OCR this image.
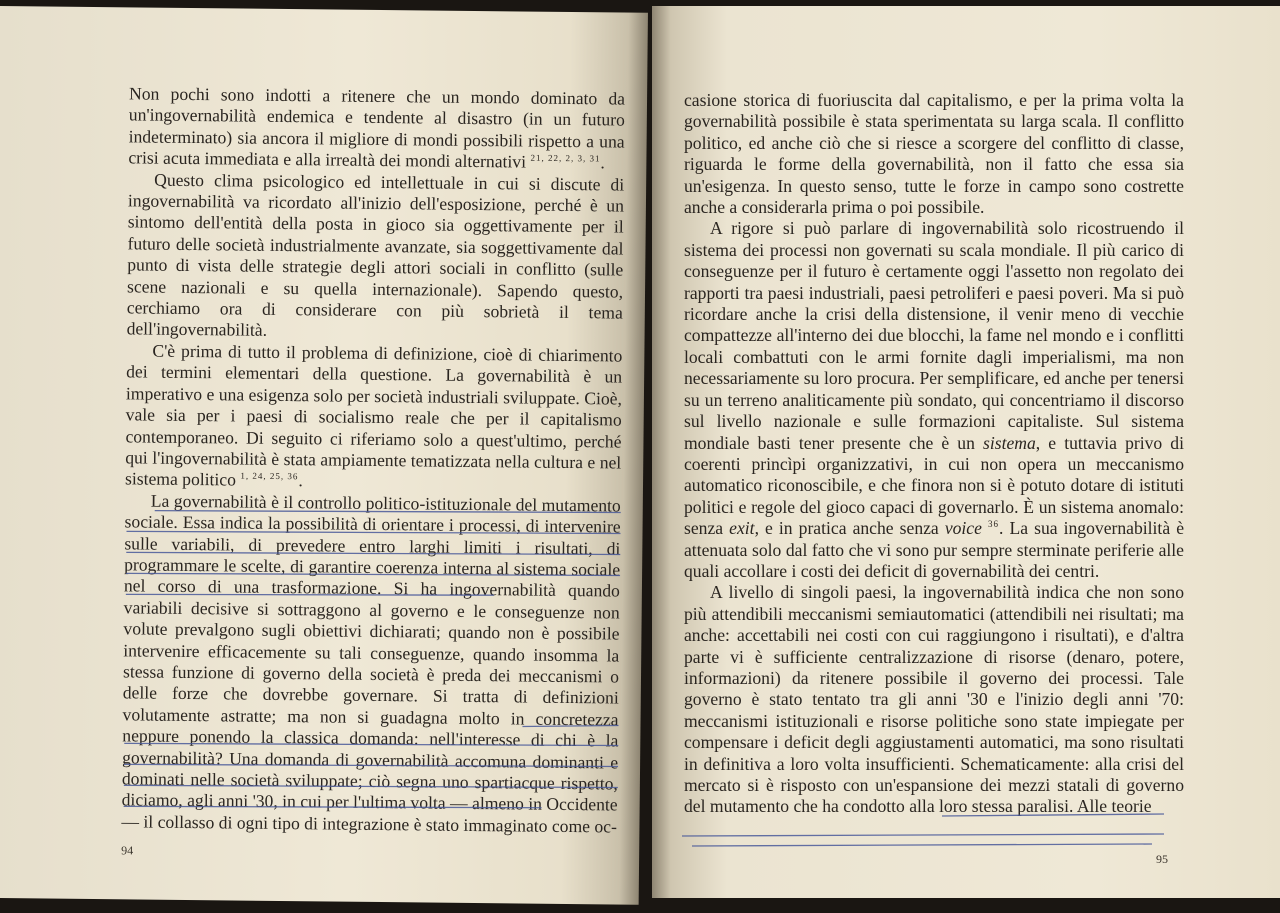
Non pochi sono indotti a ritenere che un mondo dominato da un'ingovernabilità endemica e tendente al disastro (in un futuro indeterminato) sia ancora il migliore di mondi possibili rispetto a una crisi acuta immediata e alla irrealtà dei mondi alternativi $^{21, 22, 2, 3, 31}$.

Questo clima psicologico ed intellettuale in cui si discute di ingovernabilità va ricordato all'inizio dell'esposizione, perché è un sintomo dell'entità della posta in gioco sia oggettivamente per il futuro delle società industrialmente avanzate, sia soggettivamente dal punto di vista delle strategie degli attori sociali in conflitto (sulle scene nazionali e su quella internazionale). Sapendo questo, cerchiamo ora di considerare con più sobrietà il tema dell'ingovernabilità.

C'è prima di tutto il problema di definizione, cioè di chiarimento dei termini elementari della questione. La governabilità è un imperativo e una esigenza solo per società industriali sviluppate. Cioè, vale sia per i paesi di socialismo reale che per il capitalismo contemporaneo. Di seguito ci riferiamo solo a quest'ultimo, perché qui l'ingovernabilità è stata ampiamente tematizzata nella cultura e nel sistema politico $^{1, 24, 25, 36}$.

La governabilità è il controllo politico-istituzionale del mutamento sociale. Essa indica la possibilità di orientare i processi, di intervenire sulle variabili, di prevedere entro larghi limiti i risultati, di programmare le scelte, di garantire coerenza interna al sistema sociale nel corso di una trasformazione. Si ha ingovernabilità quando variabili decisive si sottraggono al governo e le conseguenze non volute prevalgono sugli obiettivi dichiarati; quando non è possibile intervenire efficacemente su tali conseguenze, quando insomma la stessa funzione di governo della società è preda dei meccanismi o delle forze che dovrebbe governare. Si tratta di definizioni volutamente astratte; ma non si guadagna molto in concretezza neppure ponendo la classica domanda: nell'interesse di chi è la governabilità? Una domanda di governabilità accomuna dominanti e dominati nelle società sviluppate; ciò segna uno spartiacque rispetto, diciamo, agli anni '30, in cui per l'ultima volta — almeno in Occidente — il collasso di ogni tipo di integrazione è stato immaginato come oc-

94

casione storica di fuoriuscita dal capitalismo, e per la prima volta la governabilità possibile è stata sperimentata su larga scala. Il conflitto politico, ed anche ciò che si riesce a scorgere del conflitto di classe, riguarda le forme della governabilità, non il fatto che essa sia un'esigenza. In questo senso, tutte le forze in campo sono costrette anche a considerarla prima o poi possibile.

A rigore si può parlare di ingovernabilità solo ricostruendo il sistema dei processi non governati su scala mondiale. Il più carico di conseguenze per il futuro è certamente oggi l'assetto non regolato dei rapporti tra paesi industriali, paesi petroliferi e paesi poveri. Ma si può ricordare anche la crisi della distensione, il venir meno di vecchie compattezze all'interno dei due blocchi, la fame nel mondo e i conflitti locali combattuti con le armi fornite dagli imperialismi, ma non necessariamente su loro procura. Per semplificare, ed anche per tenersi su un terreno analiticamente più sondato, qui concentriamo il discorso sul livello nazionale e sulle formazioni capitaliste. Sul sistema mondiale basti tener presente che è un sistema, e tuttavia privo di coerenti princìpi organizzativi, in cui non opera un meccanismo automatico riconoscibile, e che finora non si è potuto dotare di istituti politici e regole del gioco capaci di governarlo. È un sistema anomalo: senza exit, e in pratica anche senza voice $^{36}$. La sua ingovernabilità è attenuata solo dal fatto che vi sono pur sempre sterminate periferie alle quali accollare i costi dei deficit di governabilità dei centri.

A livello di singoli paesi, la ingovernabilità indica che non sono più attendibili meccanismi semiautomatici (attendibili nei risultati; ma anche: accettabili nei costi con cui raggiungono i risultati), e d'altra parte vi è sufficiente centralizzazione di risorse (denaro, potere, informazioni) da ritenere possibile il governo dei processi. Tale governo è stato tentato tra gli anni '30 e l'inizio degli anni '70: meccanismi istituzionali e risorse politiche sono state impiegate per compensare i deficit degli aggiustamenti automatici, ma sono risultati in definitiva a loro volta insufficienti. Schematicamente: alla crisi del mercato si è risposto con un'espansione dei mezzi statali di governo del mutamento che ha condotto alla loro stessa paralisi. Alle teorie

95
